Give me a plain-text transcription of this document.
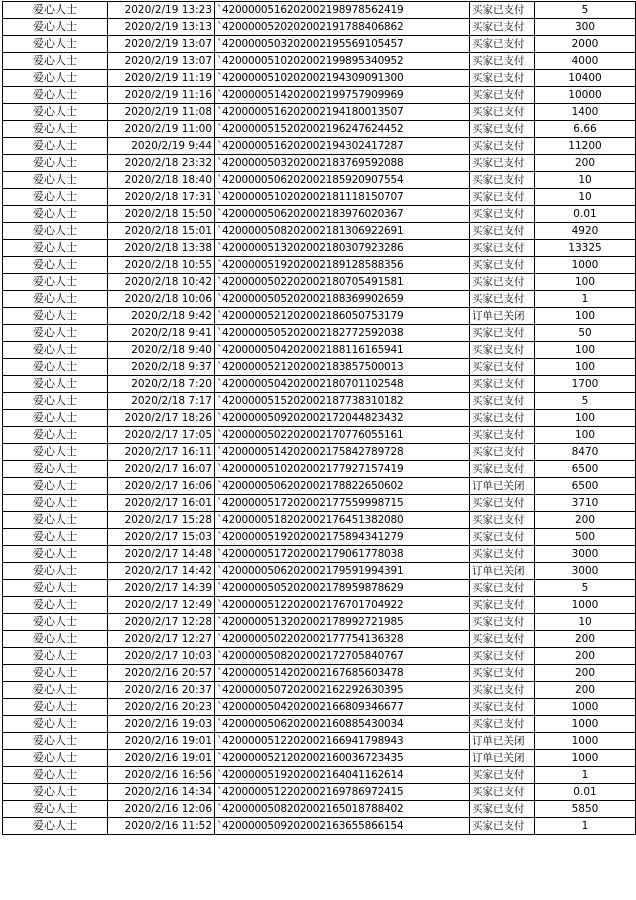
爱心人士	2020/2/19 13:23	`4200000516202002198978562419	买家已支付	5
爱心人士	2020/2/19 13:13	`4200000520202002191788406862	买家已支付	300
爱心人士	2020/2/19 13:07	`4200000503202002195569105457	买家已支付	2000
爱心人士	2020/2/19 13:07	`4200000510202002199895340952	买家已支付	4000
爱心人士	2020/2/19 11:19	`4200000510202002194309091300	买家已支付	10400
爱心人士	2020/2/19 11:16	`4200000514202002199757909969	买家已支付	10000
爱心人士	2020/2/19 11:08	`4200000516202002194180013507	买家已支付	1400
爱心人士	2020/2/19 11:00	`4200000515202002196247624452	买家已支付	6.66
爱心人士	2020/2/19 9:44	`4200000516202002194302417287	买家已支付	11200
爱心人士	2020/2/18 23:32	`4200000503202002183769592088	买家已支付	200
爱心人士	2020/2/18 18:40	`4200000506202002185920907554	买家已支付	10
爱心人士	2020/2/18 17:31	`4200000510202002181118150707	买家已支付	10
爱心人士	2020/2/18 15:50	`4200000506202002183976020367	买家已支付	0.01
爱心人士	2020/2/18 15:01	`4200000508202002181306922691	买家已支付	4920
爱心人士	2020/2/18 13:38	`4200000513202002180307923286	买家已支付	13325
爱心人士	2020/2/18 10:55	`4200000519202002189128588356	买家已支付	1000
爱心人士	2020/2/18 10:42	`4200000502202002180705491581	买家已支付	100
爱心人士	2020/2/18 10:06	`4200000505202002188369902659	买家已支付	1
爱心人士	2020/2/18 9:42	`4200000521202002186050753179	订单已关闭	100
爱心人士	2020/2/18 9:41	`4200000505202002182772592038	买家已支付	50
爱心人士	2020/2/18 9:40	`4200000504202002188116165941	买家已支付	100
爱心人士	2020/2/18 9:37	`4200000521202002183857500013	买家已支付	100
爱心人士	2020/2/18 7:20	`4200000504202002180701102548	买家已支付	1700
爱心人士	2020/2/18 7:17	`4200000515202002187738310182	买家已支付	5
爱心人士	2020/2/17 18:26	`4200000509202002172044823432	买家已支付	100
爱心人士	2020/2/17 17:05	`4200000502202002170776055161	买家已支付	100
爱心人士	2020/2/17 16:11	`4200000514202002175842789728	买家已支付	8470
爱心人士	2020/2/17 16:07	`4200000510202002177927157419	买家已支付	6500
爱心人士	2020/2/17 16:06	`4200000506202002178822650602	订单已关闭	6500
爱心人士	2020/2/17 16:01	`4200000517202002177559998715	买家已支付	3710
爱心人士	2020/2/17 15:28	`4200000518202002176451382080	买家已支付	200
爱心人士	2020/2/17 15:03	`4200000519202002175894341279	买家已支付	500
爱心人士	2020/2/17 14:48	`4200000517202002179061778038	买家已支付	3000
爱心人士	2020/2/17 14:42	`4200000506202002179591994391	订单已关闭	3000
爱心人士	2020/2/17 14:39	`4200000505202002178959878629	买家已支付	5
爱心人士	2020/2/17 12:49	`4200000512202002176701704922	买家已支付	1000
爱心人士	2020/2/17 12:28	`4200000513202002178992721985	买家已支付	10
爱心人士	2020/2/17 12:27	`4200000502202002177754136328	买家已支付	200
爱心人士	2020/2/17 10:03	`4200000508202002172705840767	买家已支付	200
爱心人士	2020/2/16 20:57	`4200000514202002167685603478	买家已支付	200
爱心人士	2020/2/16 20:37	`4200000507202002162292630395	买家已支付	200
爱心人士	2020/2/16 20:23	`4200000504202002166809346677	买家已支付	1000
爱心人士	2020/2/16 19:03	`4200000506202002160885430034	买家已支付	1000
爱心人士	2020/2/16 19:01	`4200000512202002166941798943	订单已关闭	1000
爱心人士	2020/2/16 19:01	`4200000521202002160036723435	订单已关闭	1000
爱心人士	2020/2/16 16:56	`4200000519202002164041162614	买家已支付	1
爱心人士	2020/2/16 14:34	`4200000512202002169786972415	买家已支付	0.01
爱心人士	2020/2/16 12:06	`4200000508202002165018788402	买家已支付	5850
爱心人士	2020/2/16 11:52	`4200000509202002163655866154	买家已支付	1
